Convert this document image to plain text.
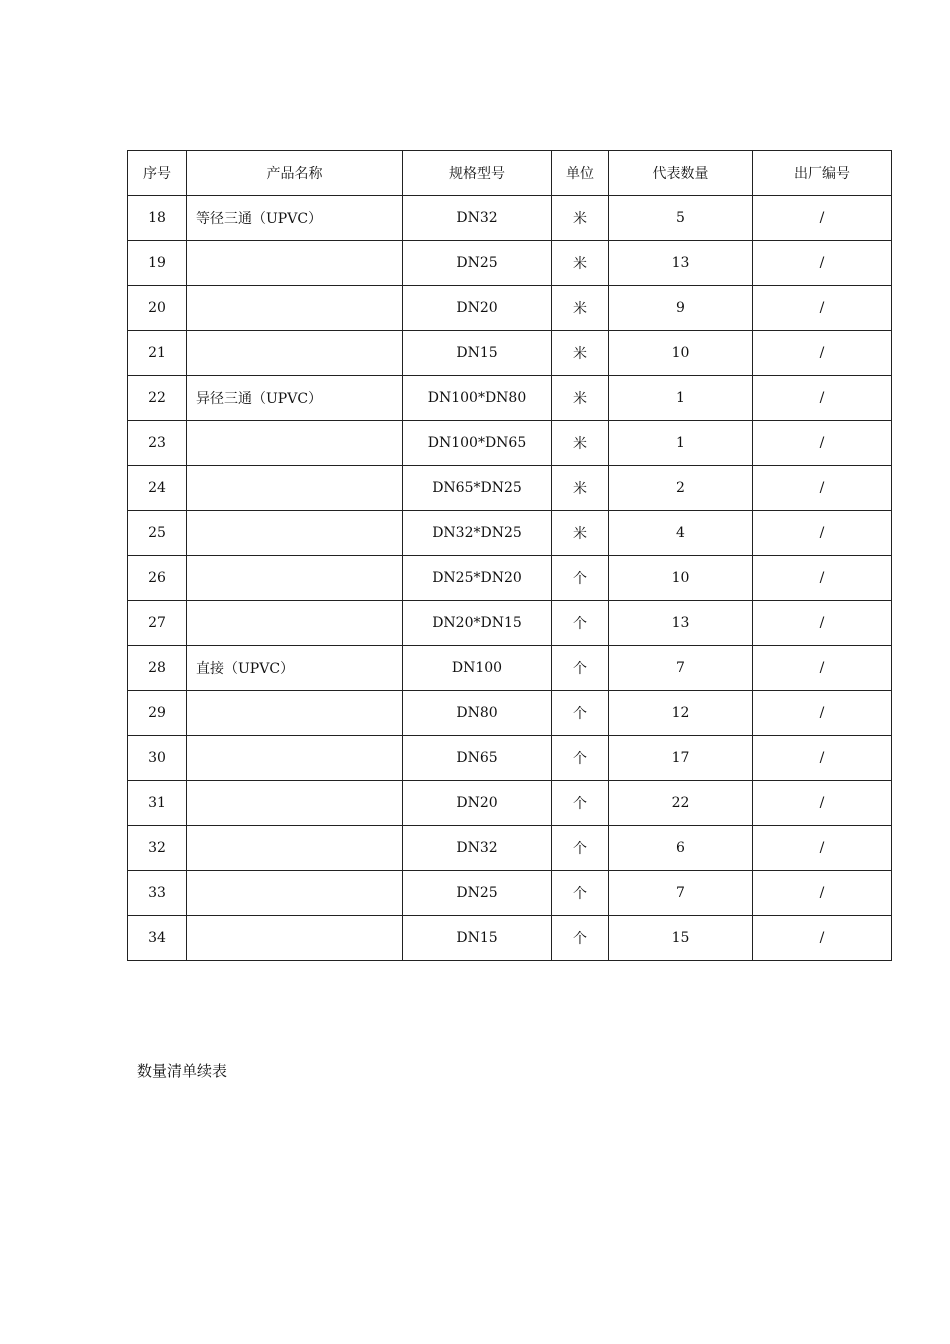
序号	产品名称	规格型号	单位	代表数量	出厂编号
18	等径三通（UPVC）	DN32	米	5	/
19		DN25	米	13	/
20		DN20	米	9	/
21		DN15	米	10	/
22	异径三通（UPVC）	DN100*DN80	米	1	/
23		DN100*DN65	米	1	/
24		DN65*DN25	米	2	/
25		DN32*DN25	米	4	/
26		DN25*DN20	个	10	/
27		DN20*DN15	个	13	/
28	直接（UPVC）	DN100	个	7	/
29		DN80	个	12	/
30		DN65	个	17	/
31		DN20	个	22	/
32		DN32	个	6	/
33		DN25	个	7	/
34		DN15	个	15	/
数量清单续表
